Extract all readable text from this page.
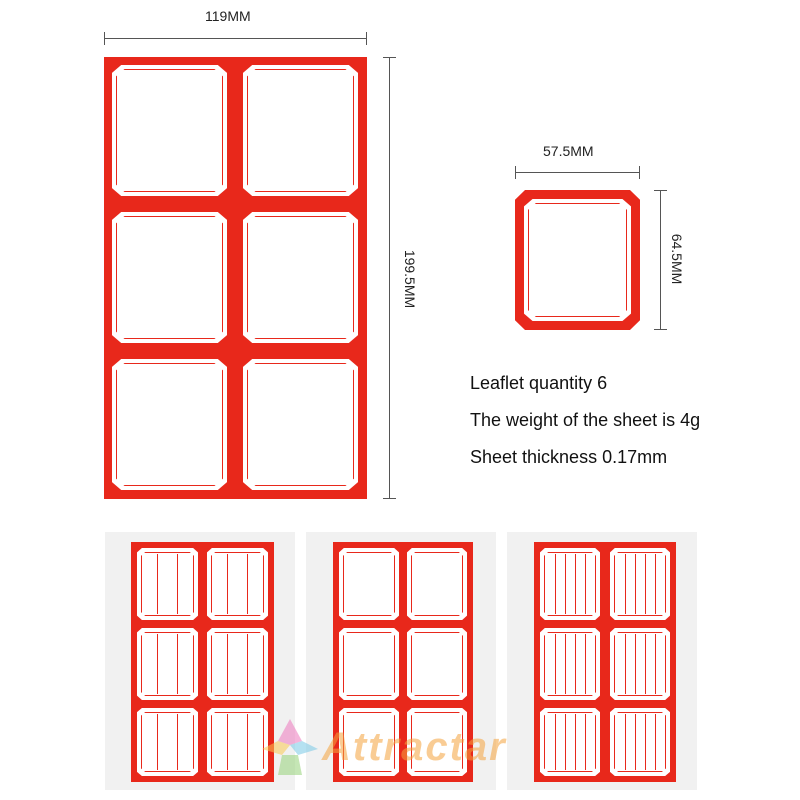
119MM
199.5MM
57.5MM
64.5MM
Leaflet quantity 6
The weight of the sheet is 4g
Sheet thickness 0.17mm
Attractar
